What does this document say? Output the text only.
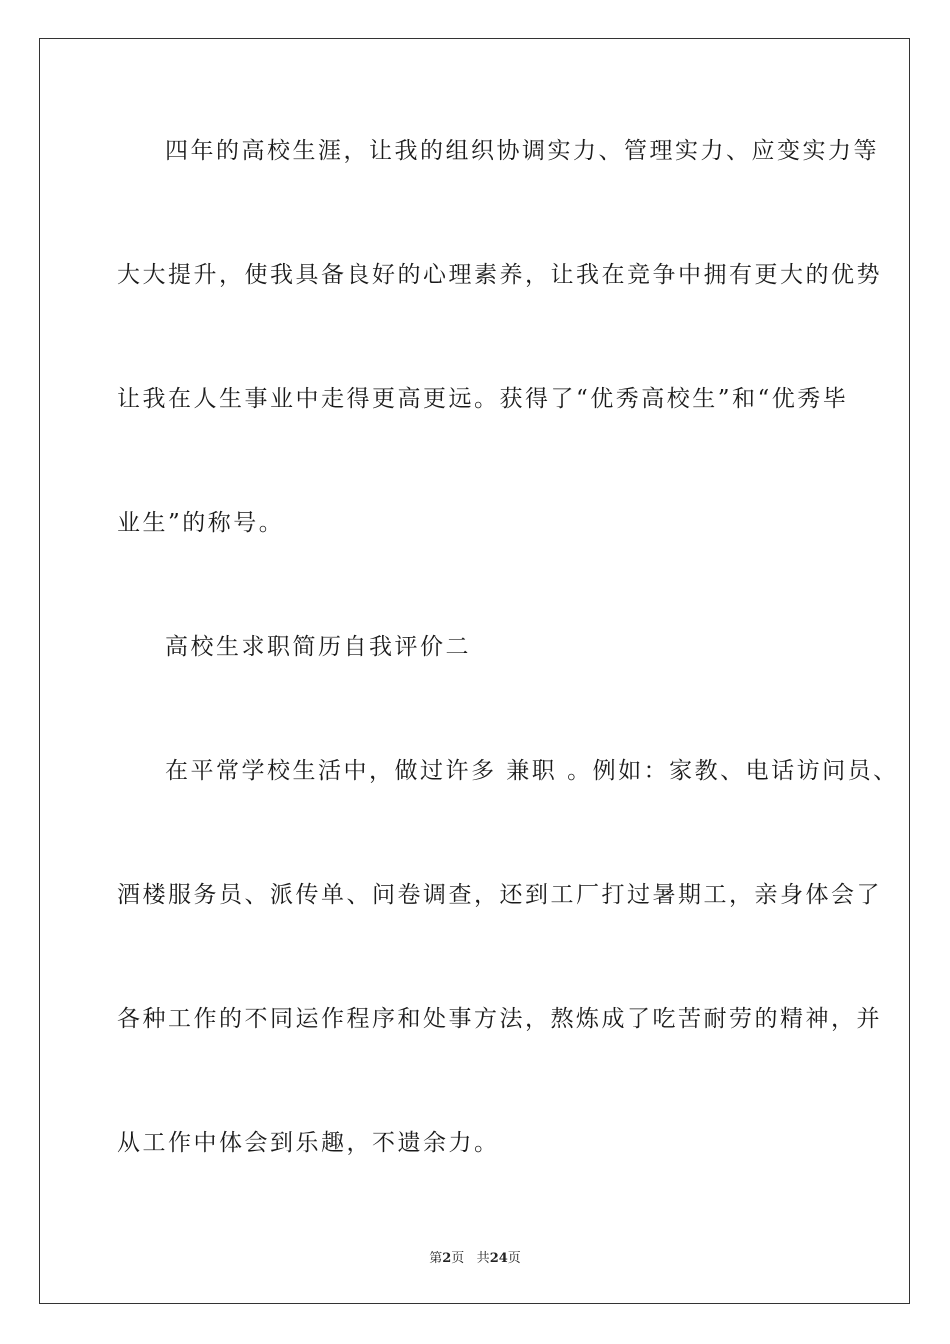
四年的高校生涯，让我的组织协调实力、管理实力、应变实力等
大大提升，使我具备良好的心理素养，让我在竞争中拥有更大的优势
让我在人生事业中走得更高更远。获得了“优秀高校生”和“优秀毕
业生”的称号。
高校生求职简历自我评价二
在平常学校生活中，做过许多 兼职 。例如：家教、电话访问员、
酒楼服务员、派传单、问卷调查，还到工厂打过暑期工，亲身体会了
各种工作的不同运作程序和处事方法，熬炼成了吃苦耐劳的精神，并
从工作中体会到乐趣，不遗余力。
第2页 共24页
